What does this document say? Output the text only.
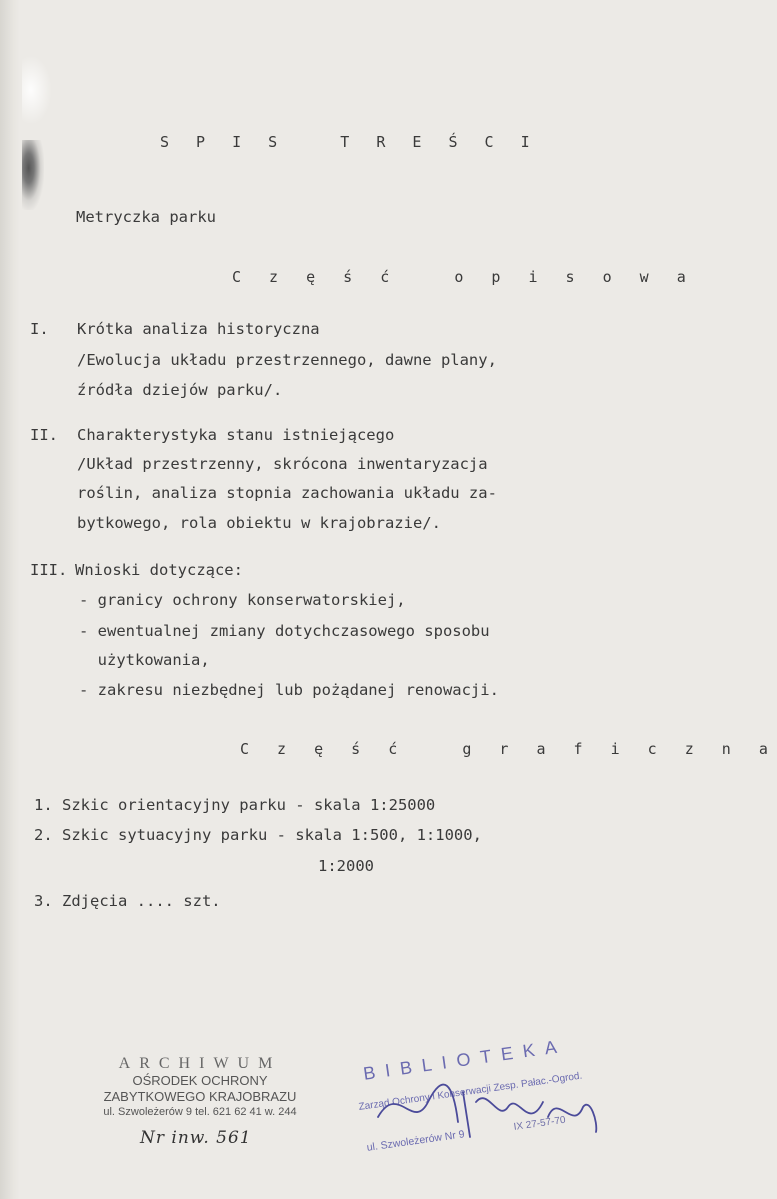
S P I S   T R E Ś C I
Metryczka parku
C z ę ś ć   o p i s o w a
I. Krótka analiza historyczna
/Ewolucja układu przestrzennego, dawne plany,
źródła dziejów parku/.
II. Charakterystyka stanu istniejącego
/Układ przestrzenny, skrócona inwentaryzacja
roślin, analiza stopnia zachowania układu za-
bytkowego, rola obiektu w krajobrazie/.
III. Wnioski dotyczące:
- granicy ochrony konserwatorskiej,
- ewentualnej zmiany dotychczasowego sposobu
użytkowania,
- zakresu niezbędnej lub pożądanej renowacji.
C z ę ś ć   g r a f i c z n a
1. Szkic orientacyjny parku - skala 1:25000
2. Szkic sytuacyjny parku - skala 1:500, 1:1000,
1:2000
3. Zdjęcia .... szt.
ARCHIWUM
OŚRODEK OCHRONY
ZABYTKOWEGO KRAJOBRAZU
ul. Szwoleżerów 9 tel. 621 62 41 w. 244
Nr inw. 561
BIBLIOTEKA
Zarząd Ochrony i Konserwacji Zesp. Pałac.-Ogrod.
ul. Szwoleżerów Nr 9
IX 27-57-70
